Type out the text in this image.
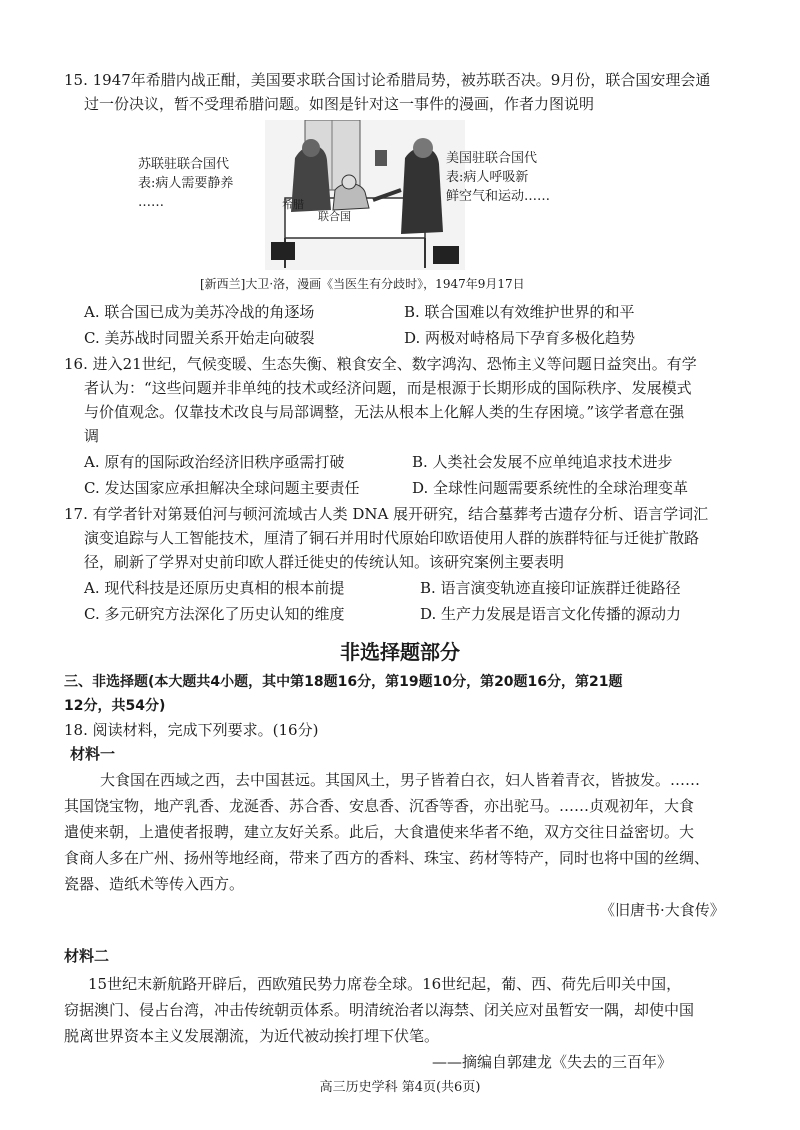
15. 1947年希腊内战正酣，美国要求联合国讨论希腊局势，被苏联否决。9月份，联合国安理会通
过一份决议，暂不受理希腊问题。如图是针对这一事件的漫画，作者力图说明
苏联驻联合国代
表:病人需要静养
……	希腊
联合国
美国驻联合国代
表:病人呼吸新
鲜空气和运动……
[新西兰]大卫·洛，漫画《当医生有分歧时》，1947年9月17日
A. 联合国已成为美苏冷战的角逐场	B. 联合国难以有效维护世界的和平
C. 美苏战时同盟关系开始走向破裂	D. 两极对峙格局下孕育多极化趋势
16. 进入21世纪，气候变暖、生态失衡、粮食安全、数字鸿沟、恐怖主义等问题日益突出。有学
者认为：“这些问题并非单纯的技术或经济问题，而是根源于长期形成的国际秩序、发展模式
与价值观念。仅靠技术改良与局部调整，无法从根本上化解人类的生存困境。”该学者意在强
调
A. 原有的国际政治经济旧秩序亟需打破	B. 人类社会发展不应单纯追求技术进步
C. 发达国家应承担解决全球问题主要责任	D. 全球性问题需要系统性的全球治理变革
17. 有学者针对第聂伯河与顿河流域古人类 DNA 展开研究，结合墓葬考古遗存分析、语言学词汇
演变追踪与人工智能技术，厘清了铜石并用时代原始印欧语使用人群的族群特征与迁徙扩散路
径，刷新了学界对史前印欧人群迁徙史的传统认知。该研究案例主要表明
A. 现代科技是还原历史真相的根本前提	B. 语言演变轨迹直接印证族群迁徙路径
C. 多元研究方法深化了历史认知的维度	D. 生产力发展是语言文化传播的源动力
非选择题部分
三、非选择题(本大题共4小题，其中第18题16分，第19题10分，第20题16分，第21题
12分，共54分)
18. 阅读材料，完成下列要求。(16分)
材料一
大食国在西域之西，去中国甚远。其国风土，男子皆着白衣，妇人皆着青衣，皆披发。……
其国饶宝物，地产乳香、龙涎香、苏合香、安息香、沉香等香，亦出驼马。……贞观初年，大食
遣使来朝，上遣使者报聘，建立友好关系。此后，大食遣使来华者不绝，双方交往日益密切。大
食商人多在广州、扬州等地经商，带来了西方的香料、珠宝、药材等特产，同时也将中国的丝绸、
瓷器、造纸术等传入西方。
《旧唐书·大食传》
材料二
15世纪末新航路开辟后，西欧殖民势力席卷全球。16世纪起，葡、西、荷先后叩关中国，
窃据澳门、侵占台湾，冲击传统朝贡体系。明清统治者以海禁、闭关应对虽暂安一隅，却使中国
脱离世界资本主义发展潮流，为近代被动挨打埋下伏笔。
——摘编自郭建龙《失去的三百年》
高三历史学科 第4页(共6页)
